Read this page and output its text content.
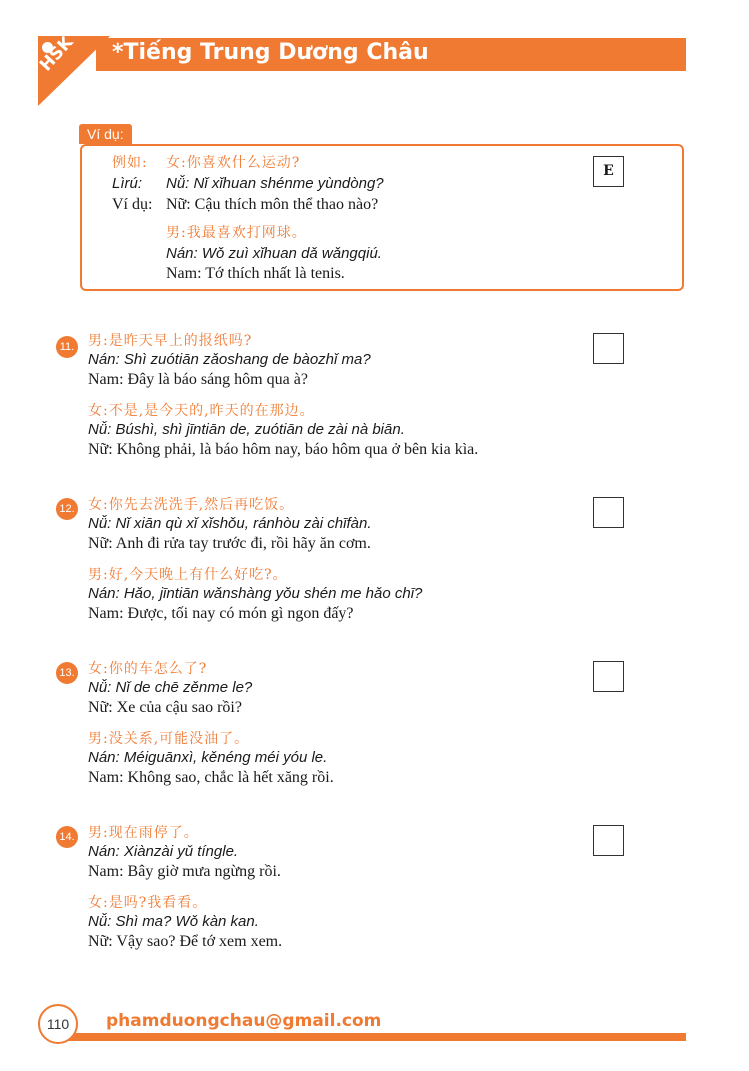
HSK *Tiếng Trung Dương Châu
Ví dụ:
例如: 女:你喜欢什么运动?
Lìrú: Nǚ: Nǐ xǐhuan shénme yùndòng?
Ví dụ: Nữ: Cậu thích môn thể thao nào?
男:我最喜欢打网球。
Nán: Wǒ zuì xǐhuan dǎ wǎngqiú.
Nam: Tớ thích nhất là tenis.
E
11. 男:是昨天早上的报纸吗?
Nán: Shì zuótiān zǎoshang de bàozhǐ ma?
Nam: Đây là báo sáng hôm qua à?
女:不是,是今天的,昨天的在那边。
Nǚ: Búshì, shì jīntiān de, zuótiān de zài nà biān.
Nữ: Không phải, là báo hôm nay, báo hôm qua ở bên kia kìa.
12. 女:你先去洗洗手,然后再吃饭。
Nǚ: Nǐ xiān qù xǐ xǐshǒu, ránhòu zài chīfàn.
Nữ: Anh đi rửa tay trước đi, rồi hãy ăn cơm.
男:好,今天晚上有什么好吃?。
Nán: Hǎo, jīntiān wǎnshàng yǒu shén me hǎo chī?
Nam: Được, tối nay có món gì ngon đấy?
13. 女:你的车怎么了?
Nǚ: Nǐ de chē zěnme le?
Nữ: Xe của cậu sao rồi?
男:没关系,可能没油了。
Nán: Méiguānxì, kěnéng méi yóu le.
Nam: Không sao, chắc là hết xăng rồi.
14. 男:现在雨停了。
Nán: Xiànzài yǔ tíngle.
Nam: Bây giờ mưa ngừng rồi.
女:是吗?我看看。
Nǚ: Shì ma? Wǒ kàn kan.
Nữ: Vậy sao? Để tớ xem xem.
110	phamduongchau@gmail.com
